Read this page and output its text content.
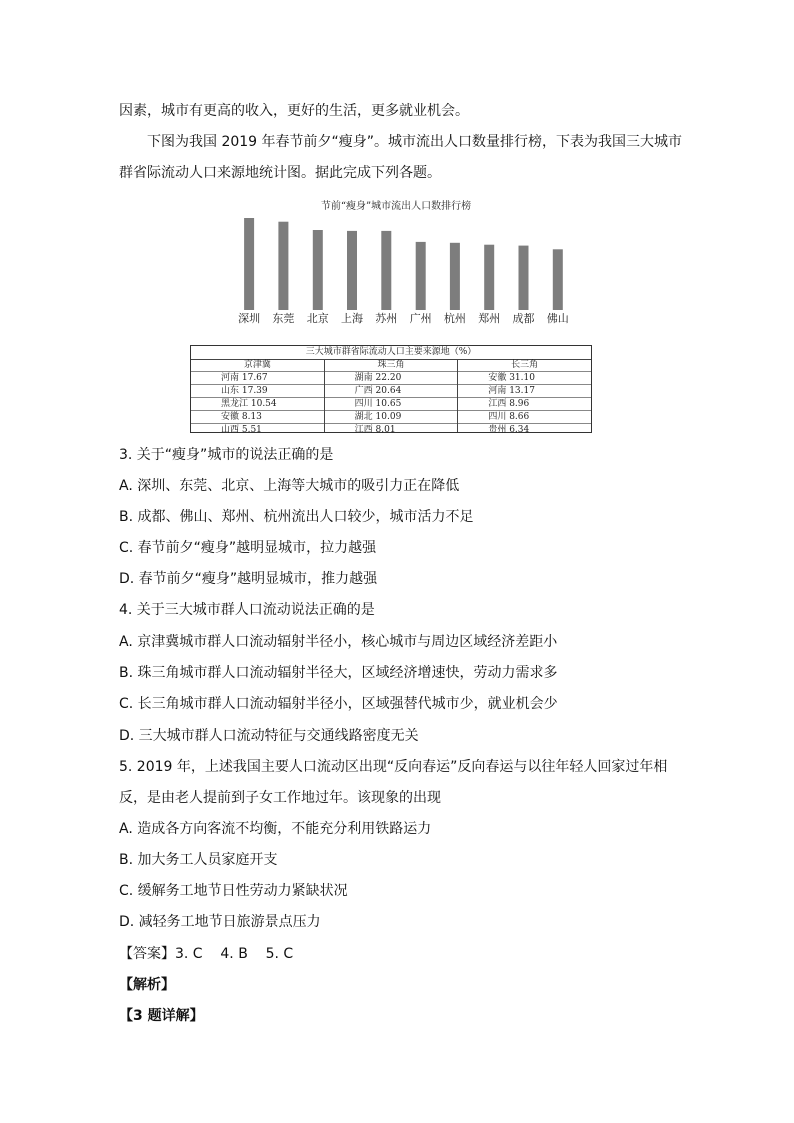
因素，城市有更高的收入，更好的生活，更多就业机会。
下图为我国 2019 年春节前夕“瘦身”。城市流出人口数量排行榜，下表为我国三大城市
群省际流动人口来源地统计图。据此完成下列各题。
节前“瘦身”城市流出人口数排行榜
深圳 东莞 北京 上海 苏州 广州 杭州 郑州 成都 佛山
三大城市群省际流动人口主要来源地（%）
京津冀
河南 17.67
山东 17.39
黑龙江 10.54
安徽 8.13
山西 5.51
珠三角
湖南 22.20
广西 20.64
四川 10.65
湖北 10.09
江西 8.01
长三角
安徽 31.10
河南 13.17
江西 8.96
四川 8.66
贵州 6.34
3. 关于“瘦身”城市的说法正确的是
A. 深圳、东莞、北京、上海等大城市的吸引力正在降低
B. 成都、佛山、郑州、杭州流出人口较少，城市活力不足
C. 春节前夕“瘦身”越明显城市，拉力越强
D. 春节前夕“瘦身”越明显城市，推力越强
4. 关于三大城市群人口流动说法正确的是
A. 京津冀城市群人口流动辐射半径小，核心城市与周边区域经济差距小
B. 珠三角城市群人口流动辐射半径大，区域经济增速快，劳动力需求多
C. 长三角城市群人口流动辐射半径小，区域强替代城市少，就业机会少
D. 三大城市群人口流动特征与交通线路密度无关
5. 2019 年，上述我国主要人口流动区出现“反向春运”反向春运与以往年轻人回家过年相
反，是由老人提前到子女工作地过年。该现象的出现
A. 造成各方向客流不均衡，不能充分利用铁路运力
B. 加大务工人员家庭开支
C. 缓解务工地节日性劳动力紧缺状况
D. 减轻务工地节日旅游景点压力
【答案】3. C    4. B    5. C
【解析】
【3 题详解】
